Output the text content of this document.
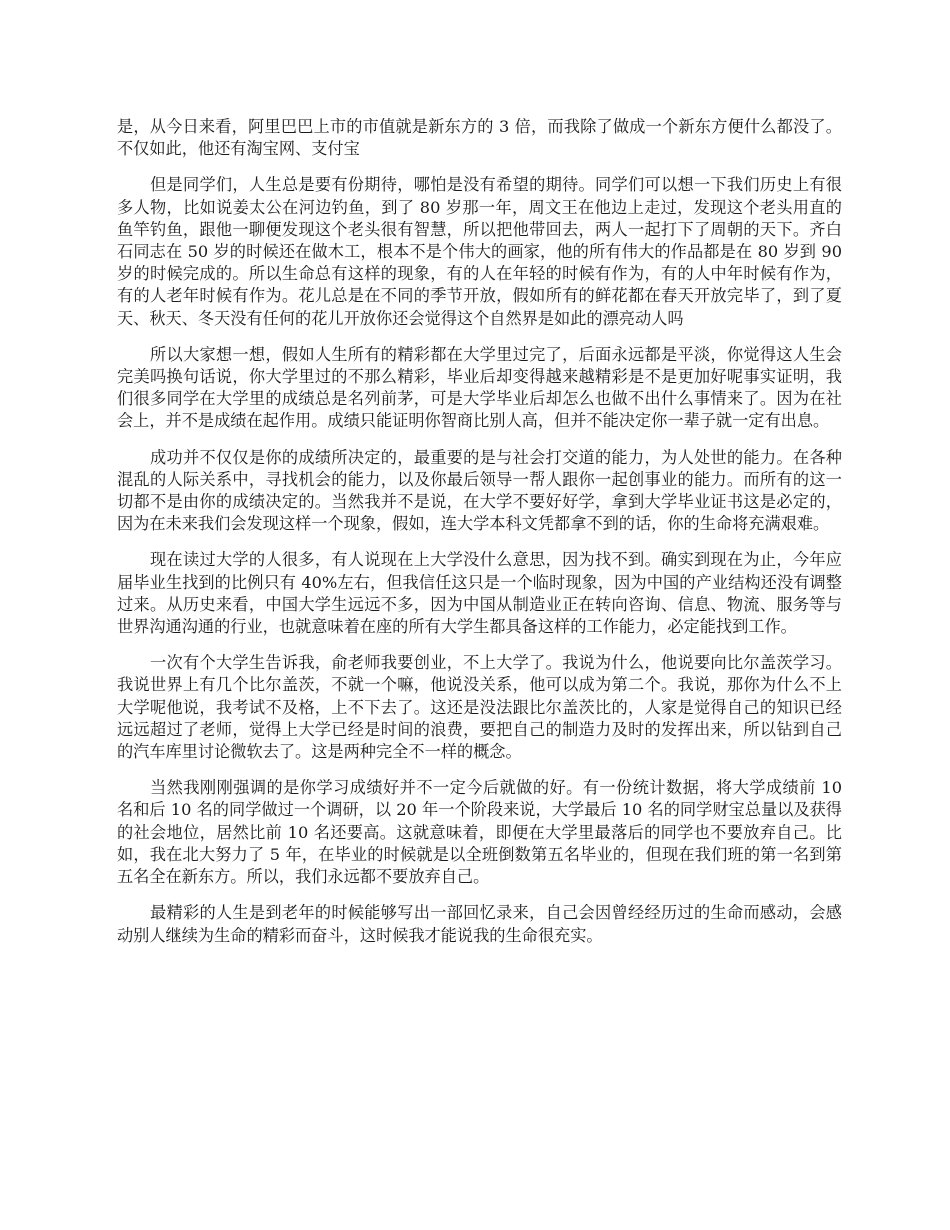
是，从今日来看，阿里巴巴上市的市值就是新东方的 3 倍，而我除了做成一个新东方便什么都没了。不仅如此，他还有淘宝网、支付宝

但是同学们，人生总是要有份期待，哪怕是没有希望的期待。同学们可以想一下我们历史上有很多人物，比如说姜太公在河边钓鱼，到了 80 岁那一年，周文王在他边上走过，发现这个老头用直的鱼竿钓鱼，跟他一聊便发现这个老头很有智慧，所以把他带回去，两人一起打下了周朝的天下。齐白石同志在 50 岁的时候还在做木工，根本不是个伟大的画家，他的所有伟大的作品都是在 80 岁到 90 岁的时候完成的。所以生命总有这样的现象，有的人在年轻的时候有作为，有的人中年时候有作为，有的人老年时候有作为。花儿总是在不同的季节开放，假如所有的鲜花都在春天开放完毕了，到了夏天、秋天、冬天没有任何的花儿开放你还会觉得这个自然界是如此的漂亮动人吗

所以大家想一想，假如人生所有的精彩都在大学里过完了，后面永远都是平淡，你觉得这人生会完美吗换句话说，你大学里过的不那么精彩，毕业后却变得越来越精彩是不是更加好呢事实证明，我们很多同学在大学里的成绩总是名列前茅，可是大学毕业后却怎么也做不出什么事情来了。因为在社会上，并不是成绩在起作用。成绩只能证明你智商比别人高，但并不能决定你一辈子就一定有出息。

成功并不仅仅是你的成绩所决定的，最重要的是与社会打交道的能力，为人处世的能力。在各种混乱的人际关系中，寻找机会的能力，以及你最后领导一帮人跟你一起创事业的能力。而所有的这一切都不是由你的成绩决定的。当然我并不是说，在大学不要好好学，拿到大学毕业证书这是必定的，因为在未来我们会发现这样一个现象，假如，连大学本科文凭都拿不到的话，你的生命将充满艰难。

现在读过大学的人很多，有人说现在上大学没什么意思，因为找不到。确实到现在为止，今年应届毕业生找到的比例只有 40%左右，但我信任这只是一个临时现象，因为中国的产业结构还没有调整过来。从历史来看，中国大学生远远不多，因为中国从制造业正在转向咨询、信息、物流、服务等与世界沟通沟通的行业，也就意味着在座的所有大学生都具备这样的工作能力，必定能找到工作。

一次有个大学生告诉我，俞老师我要创业，不上大学了。我说为什么，他说要向比尔盖茨学习。我说世界上有几个比尔盖茨，不就一个嘛，他说没关系，他可以成为第二个。我说，那你为什么不上大学呢他说，我考试不及格，上不下去了。这还是没法跟比尔盖茨比的，人家是觉得自己的知识已经远远超过了老师，觉得上大学已经是时间的浪费，要把自己的制造力及时的发挥出来，所以钻到自己的汽车库里讨论微软去了。这是两种完全不一样的概念。

当然我刚刚强调的是你学习成绩好并不一定今后就做的好。有一份统计数据，将大学成绩前 10 名和后 10 名的同学做过一个调研，以 20 年一个阶段来说，大学最后 10 名的同学财宝总量以及获得的社会地位，居然比前 10 名还要高。这就意味着，即便在大学里最落后的同学也不要放弃自己。比如，我在北大努力了 5 年，在毕业的时候就是以全班倒数第五名毕业的，但现在我们班的第一名到第五名全在新东方。所以，我们永远都不要放弃自己。

最精彩的人生是到老年的时候能够写出一部回忆录来，自己会因曾经经历过的生命而感动，会感动别人继续为生命的精彩而奋斗，这时候我才能说我的生命很充实。
